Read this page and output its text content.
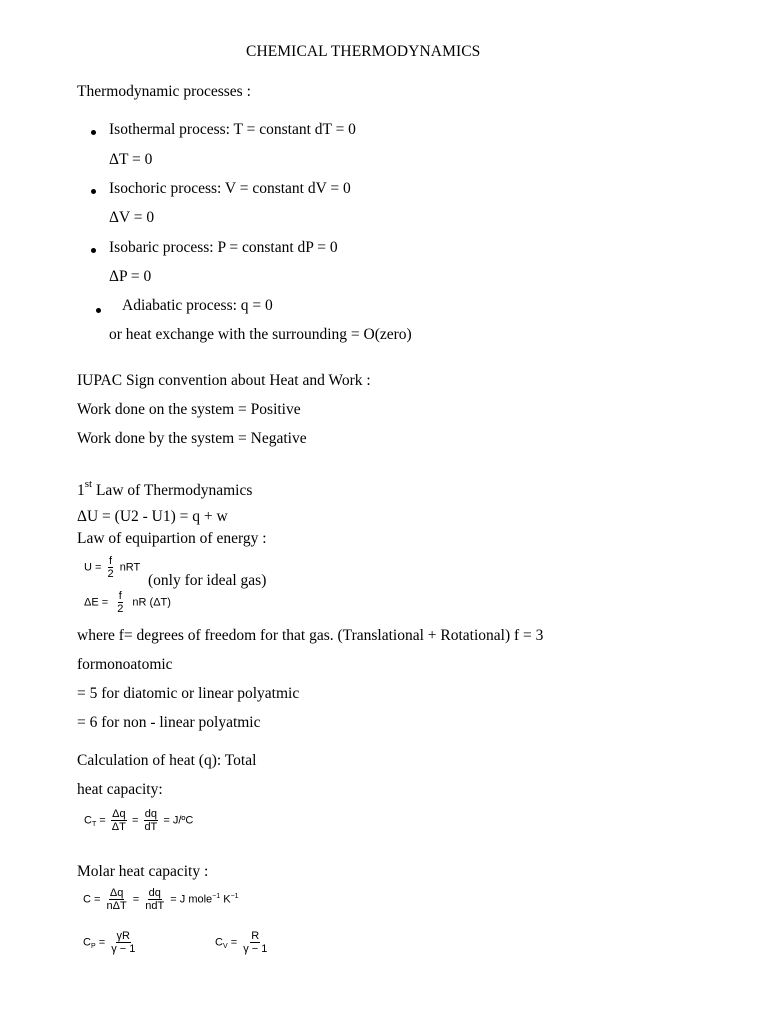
CHEMICAL THERMODYNAMICS
Thermodynamic processes :
Isothermal process: T = constant dT = 0
ΔT = 0
Isochoric process: V = constant dV = 0
ΔV = 0
Isobaric process: P = constant dP = 0
ΔP = 0
Adiabatic process: q = 0
or heat exchange with the surrounding = O(zero)
IUPAC Sign convention about Heat and Work :
Work done on the system = Positive
Work done by the system = Negative
1st Law of Thermodynamics
ΔU = (U2 - U1) = q + w
Law of equipartion of energy :
$U = \frac{f}{2}$ nRT
(only for ideal gas)
$\Delta E = \frac{f}{2}$ nR (ΔT)
where f= degrees of freedom for that gas. (Translational + Rotational) f = 3
formonoatomic
= 5 for diatomic or linear polyatmic
= 6 for non - linear polyatmic
Calculation of heat (q): Total
heat capacity:
$C_T = \frac{\Delta q}{\Delta T} = \frac{dq}{dT}$ = J/ºC
Molar heat capacity :
$C = \frac{\Delta q}{\text{nΔT}} = \frac{dq}{\text{ndT}} = J$ mole$^{-1}$ $K^{-1}$
$C_P = \frac{\gamma R}{\gamma - 1}$	$C_V = \frac{R}{\gamma - 1}$
